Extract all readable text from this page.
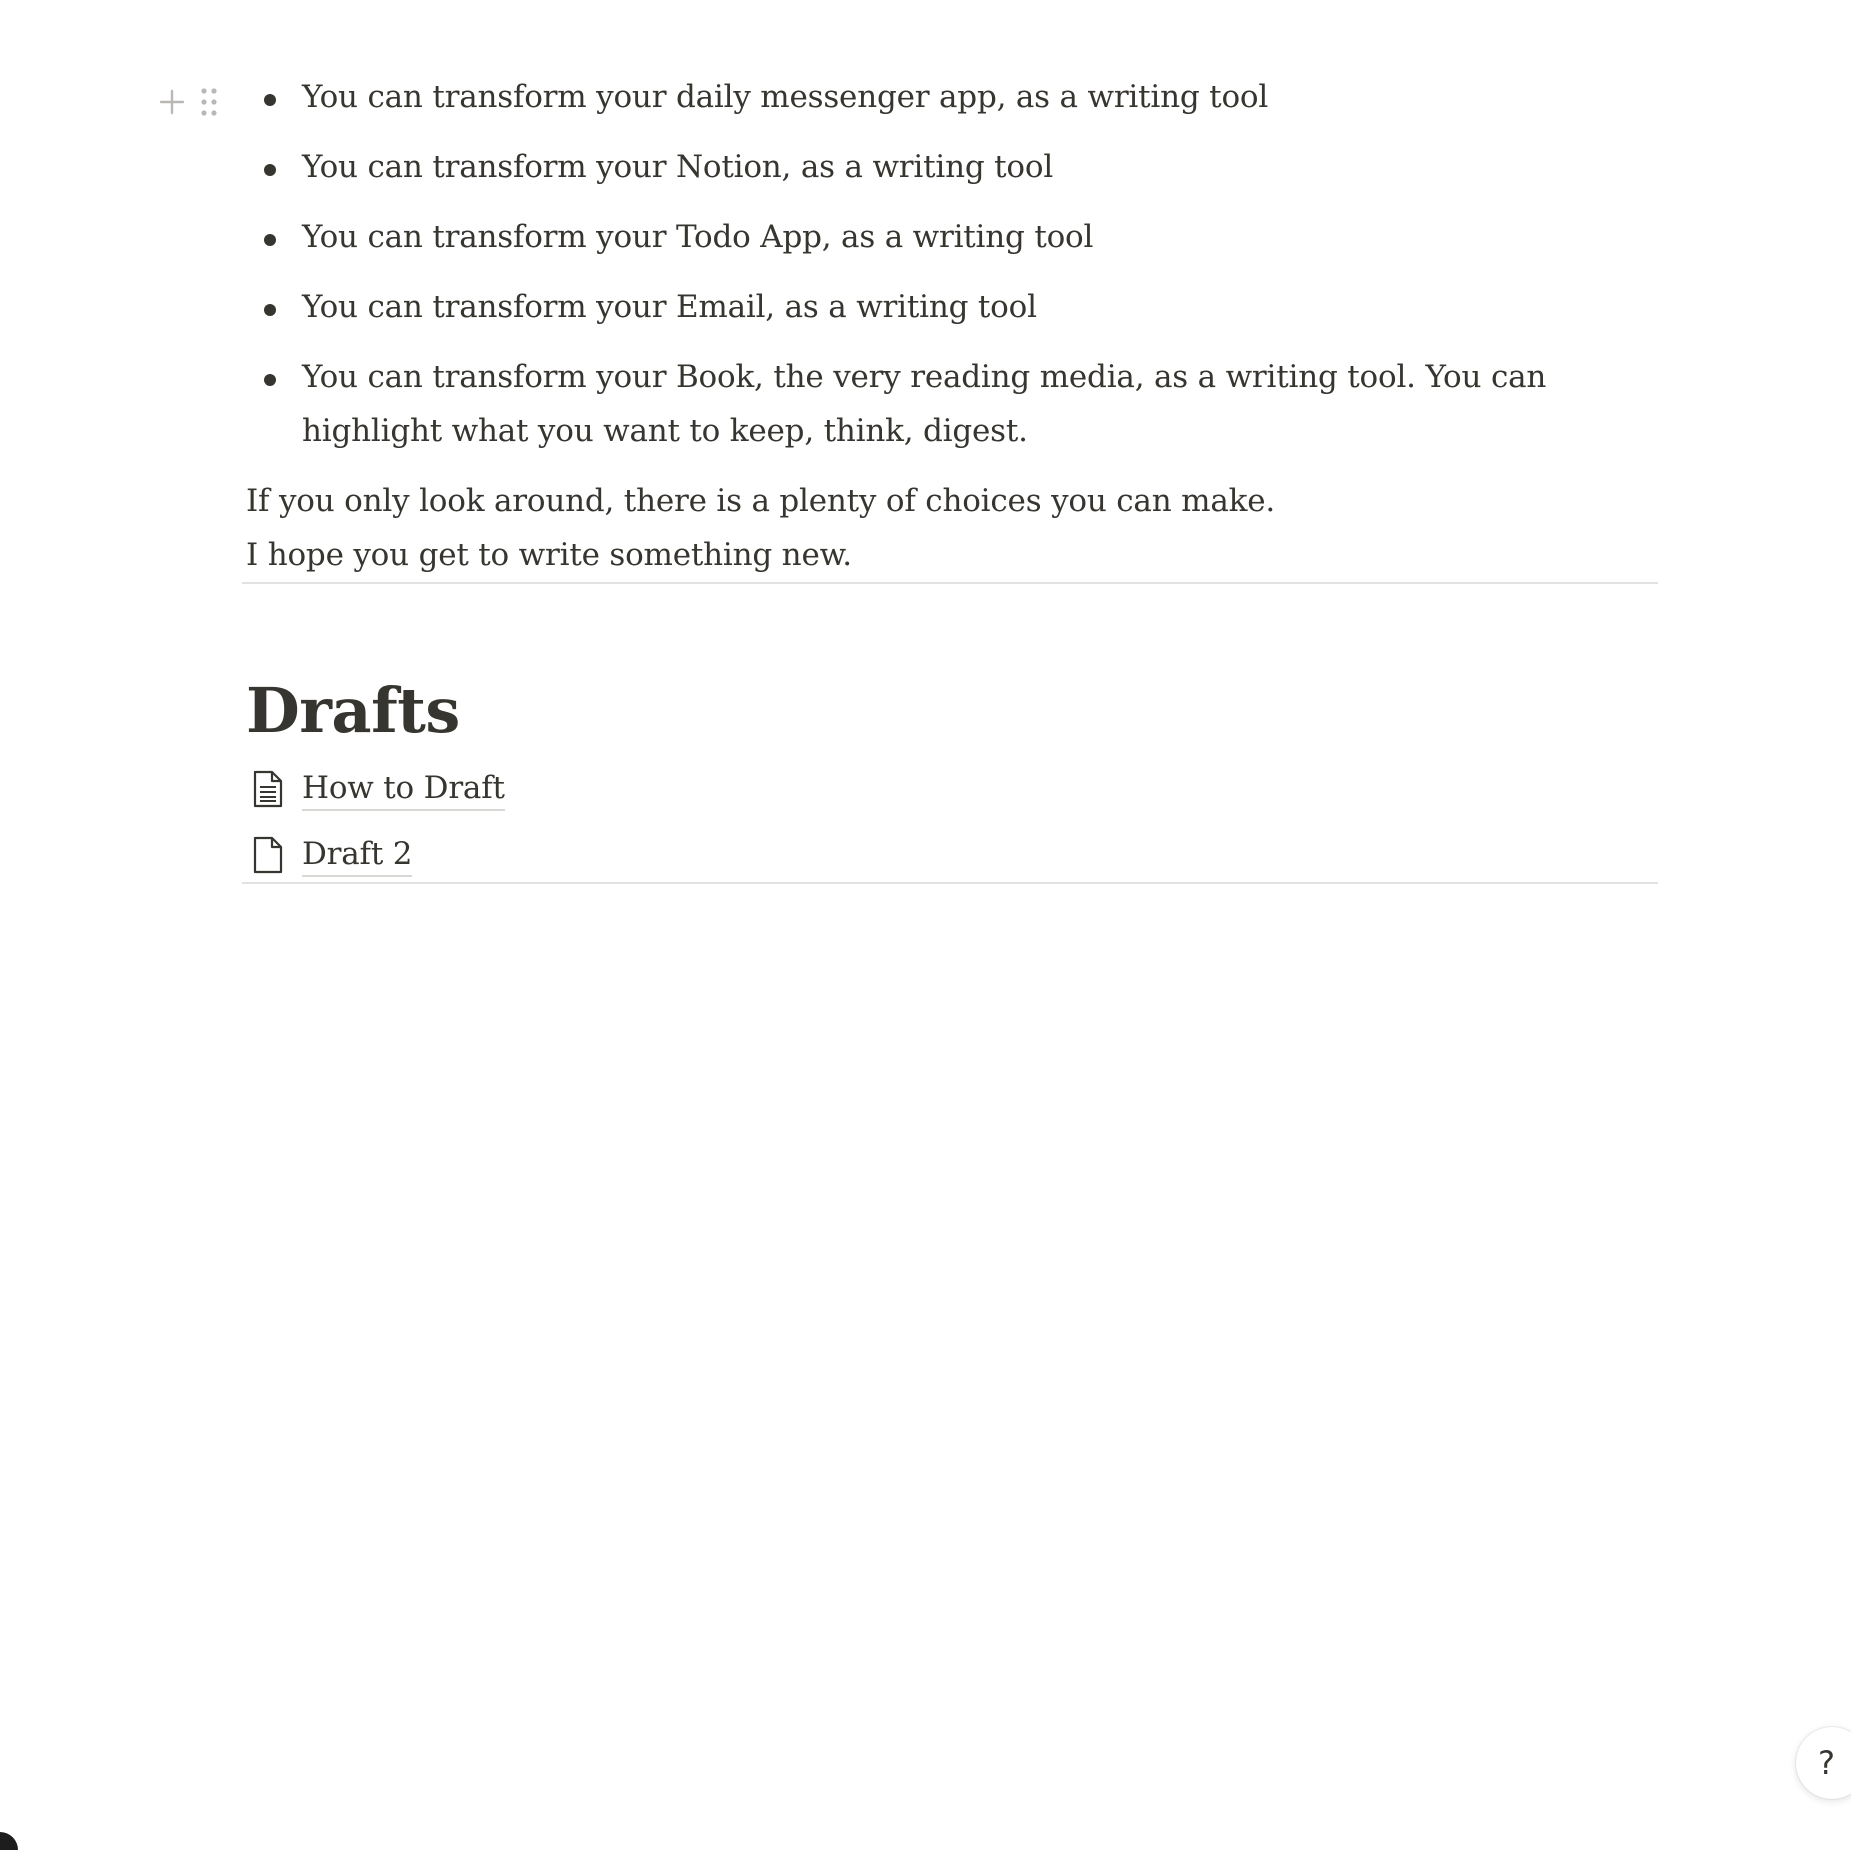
You can transform your daily messenger app, as a writing tool
You can transform your Notion, as a writing tool
You can transform your Todo App, as a writing tool
You can transform your Email, as a writing tool
You can transform your Book, the very reading media, as a writing tool. You can highlight what you want to keep, think, digest.

If you only look around, there is a plenty of choices you can make.

I hope you get to write something new.

Drafts
How to Draft
Draft 2
?
